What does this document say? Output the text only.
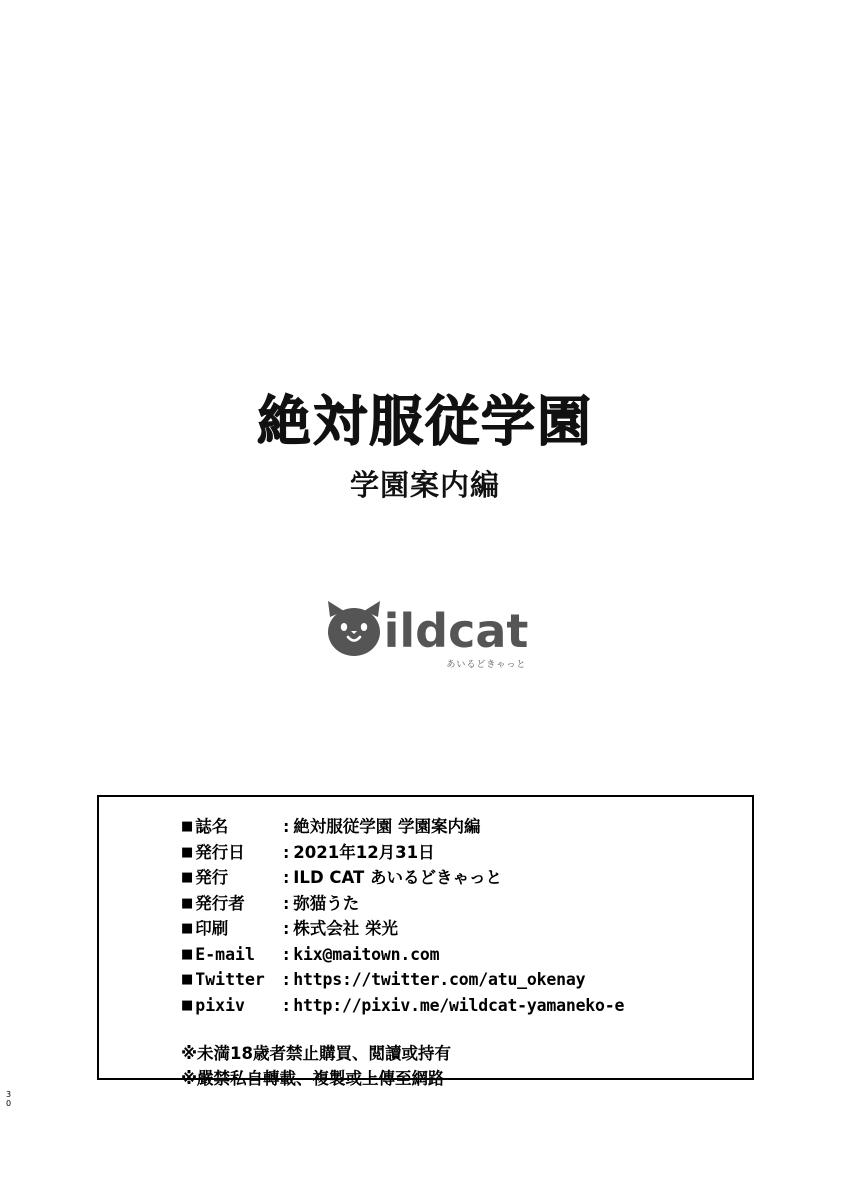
絶対服従学園
学園案内編
ildcat
あいるどきゃっと
■ 誌名	: 絶対服従学園 学園案内編
■ 発行日	: 2021年12月31日
■ 発行	: ILD CAT あいるどきゃっと
■ 発行者	: 弥猫うた
■ 印刷	: 株式会社 栄光
■ E-mail	: kix@maitown.com
■ Twitter : https://twitter.com/atu_okenay
■ pixiv	: http://pixiv.me/wildcat-yamaneko-e
※未満18歳者禁止購買、閲讀或持有
※嚴禁私自轉載、複製或上傳至網路
3
0
